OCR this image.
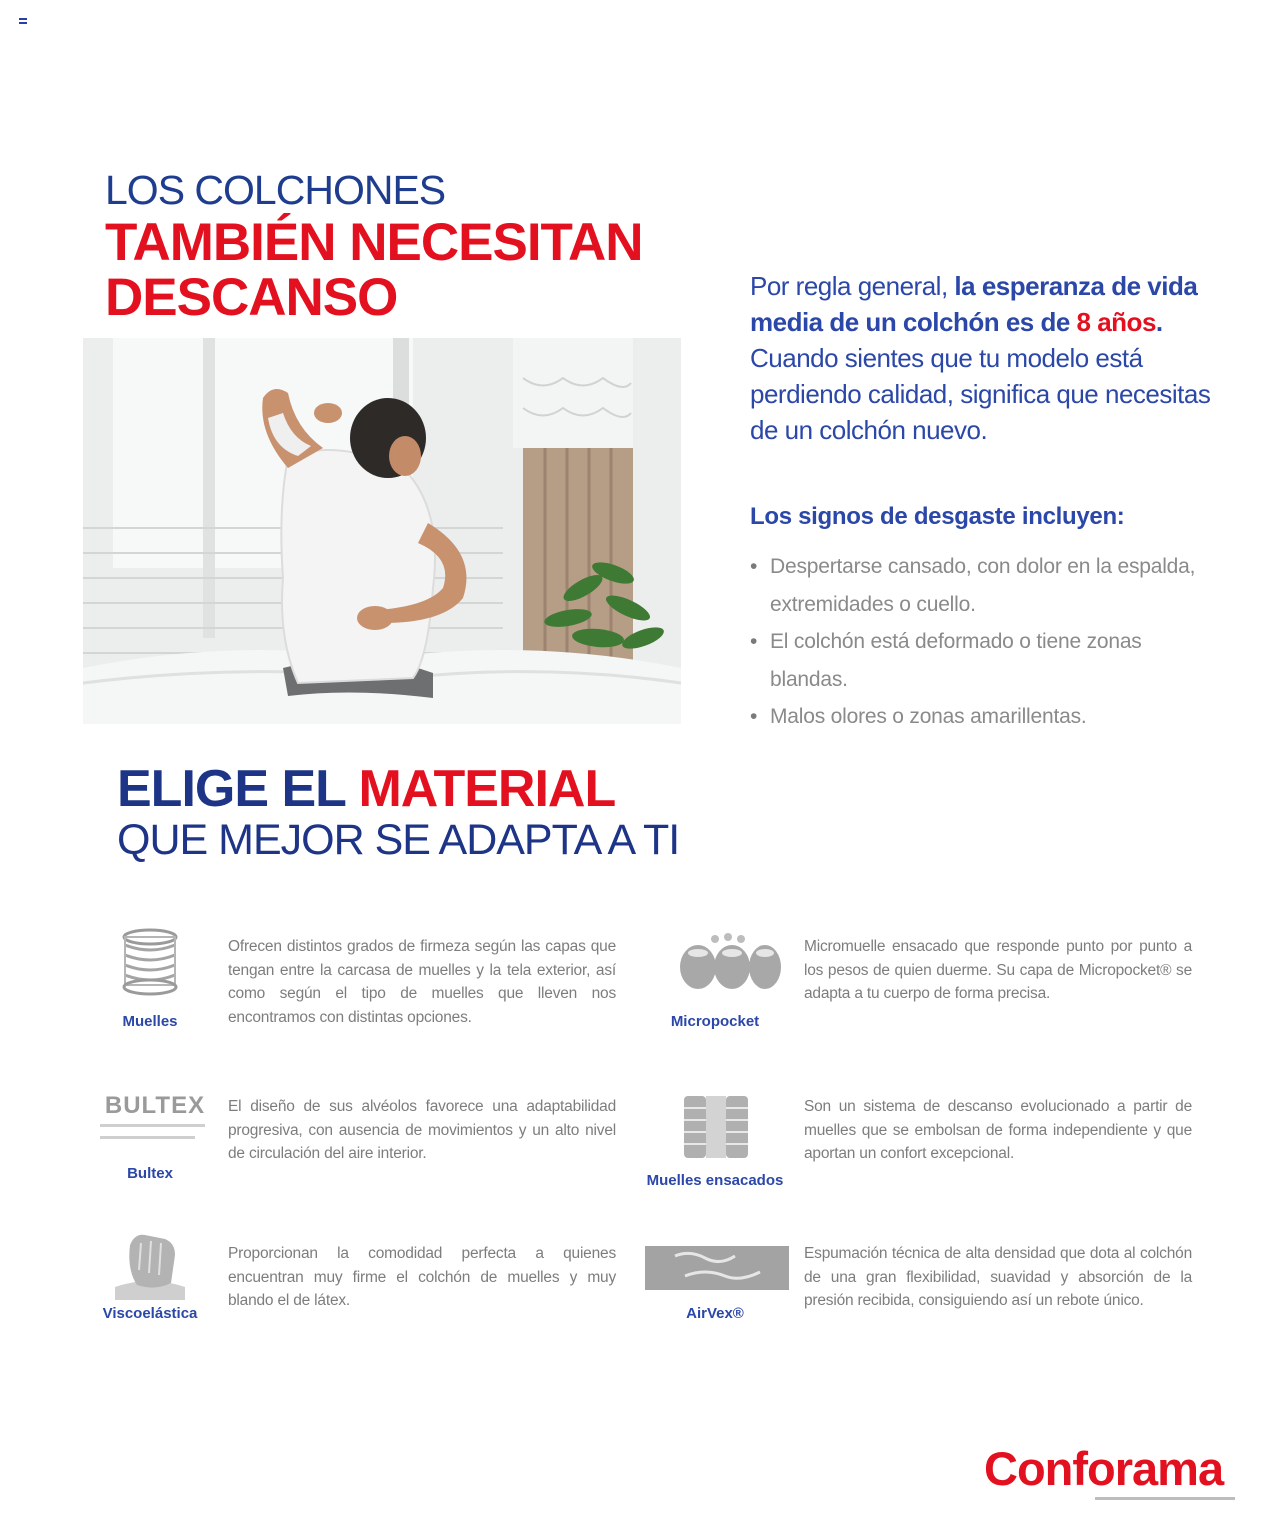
LOS COLCHONES
TAMBIÉN NECESITAN
DESCANSO	Por regla general, la esperanza de vida media de un colchón es de 8 años. Cuando sientes que tu modelo está perdiendo calidad, significa que necesitas de un colchón nuevo.
Los signos de desgaste incluyen:
• Despertarse cansado, con dolor en la espalda, extremidades o cuello.
• El colchón está deformado o tiene zonas blandas.
• Malos olores o zonas amarillentas.
ELIGE EL MATERIAL
QUE MEJOR SE ADAPTA A TI
Muelles
Ofrecen distintos grados de firmeza según las capas que tengan entre la carcasa de muelles y la tela exterior, así como según el tipo de muelles que lleven nos encontramos con distintas opciones.	Micropocket
Micromuelle ensacado que responde punto por punto a los pesos de quien duerme. Su capa de Micropocket® se adapta a tu cuerpo de forma precisa.
BULTEX
Bultex
El diseño de sus alvéolos favorece una adaptabilidad progresiva, con ausencia de movimientos y un alto nivel de circulación del aire interior.
Muelles ensacados
Son un sistema de descanso evolucionado a partir de muelles que se embolsan de forma independiente y que aportan un confort excepcional.
Viscoelástica
Proporcionan la comodidad perfecta a quienes encuentran muy firme el colchón de muelles y muy blando el de látex.
AirVex®
Espumación técnica de alta densidad que dota al colchón de una gran flexibilidad, suavidad y absorción de la presión recibida, consiguiendo así un rebote único.
Conforama
